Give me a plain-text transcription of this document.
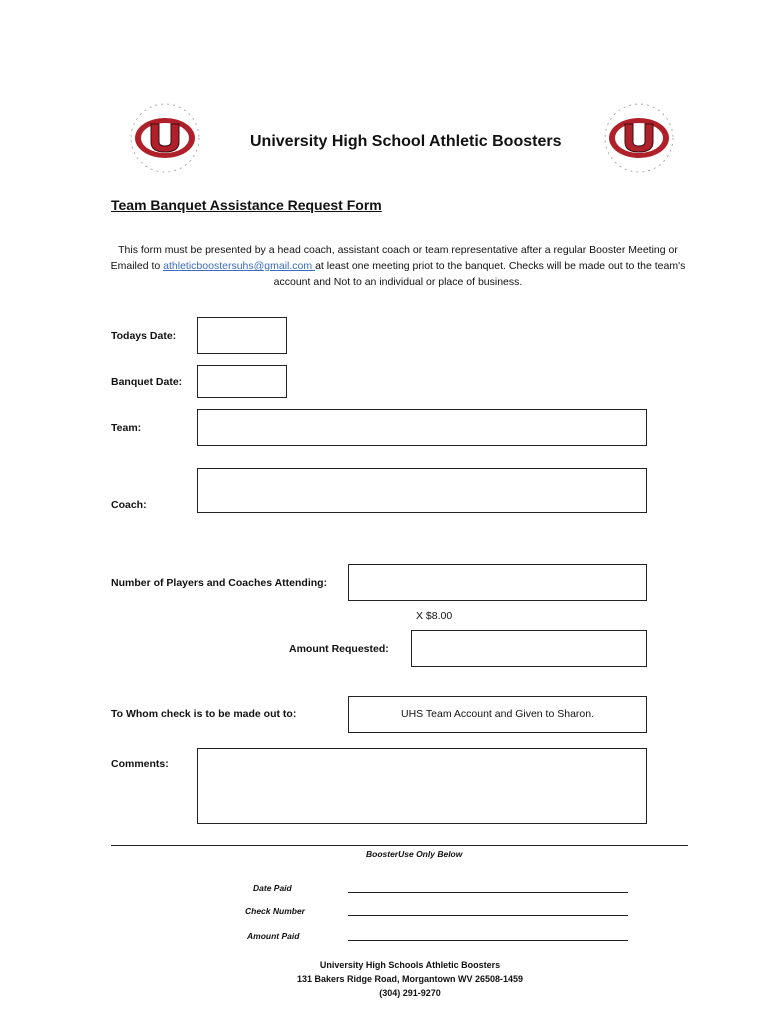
University High School Athletic Boosters
Team Banquet Assistance Request Form
This form must be presented by a head coach, assistant coach or team representative after a regular Booster Meeting or Emailed to athleticboostersuhs@gmail.com at least one meeting priot to the banquet. Checks will be made out to the team's account and Not to an individual or place of business.
Todays Date:
Banquet Date:
Team:
Coach:
Number of Players and Coaches Attending:
X $8.00
Amount Requested:
To Whom check is to be made out to:	UHS Team Account and Given to Sharon.
Comments:
BoosterUse Only Below
Date Paid
Check Number
Amount Paid
University High Schools Athletic Boosters
131 Bakers Ridge Road, Morgantown WV 26508-1459
(304) 291-9270
